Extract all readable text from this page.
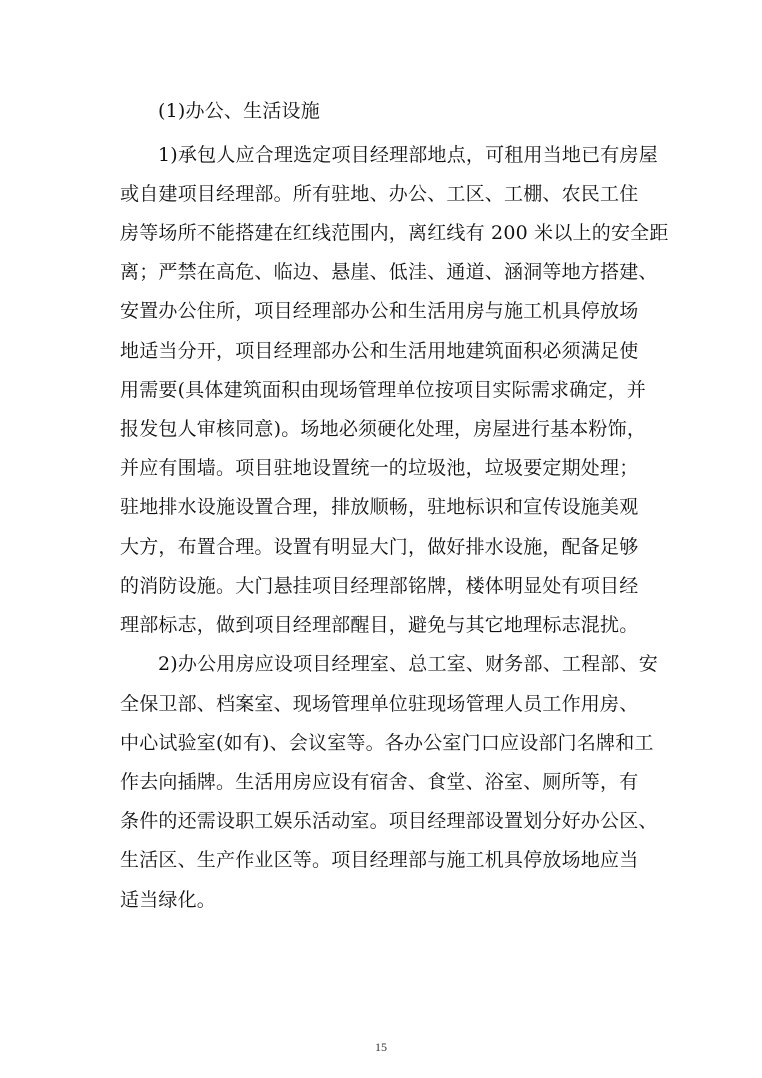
(1)办公、生活设施
1)承包人应合理选定项目经理部地点，可租用当地已有房屋
或自建项目经理部。所有驻地、办公、工区、工棚、农民工住
房等场所不能搭建在红线范围内，离红线有 200 米以上的安全距
离；严禁在高危、临边、悬崖、低洼、通道、涵洞等地方搭建、
安置办公住所，项目经理部办公和生活用房与施工机具停放场
地适当分开，项目经理部办公和生活用地建筑面积必须满足使
用需要(具体建筑面积由现场管理单位按项目实际需求确定，并
报发包人审核同意)。场地必须硬化处理，房屋进行基本粉饰，
并应有围墙。项目驻地设置统一的垃圾池，垃圾要定期处理；
驻地排水设施设置合理，排放顺畅，驻地标识和宣传设施美观
大方，布置合理。设置有明显大门，做好排水设施，配备足够
的消防设施。大门悬挂项目经理部铭牌，楼体明显处有项目经
理部标志，做到项目经理部醒目，避免与其它地理标志混扰。
2)办公用房应设项目经理室、总工室、财务部、工程部、安
全保卫部、档案室、现场管理单位驻现场管理人员工作用房、
中心试验室(如有)、会议室等。各办公室门口应设部门名牌和工
作去向插牌。生活用房应设有宿舍、食堂、浴室、厕所等，有
条件的还需设职工娱乐活动室。项目经理部设置划分好办公区、
生活区、生产作业区等。项目经理部与施工机具停放场地应当
适当绿化。
15
